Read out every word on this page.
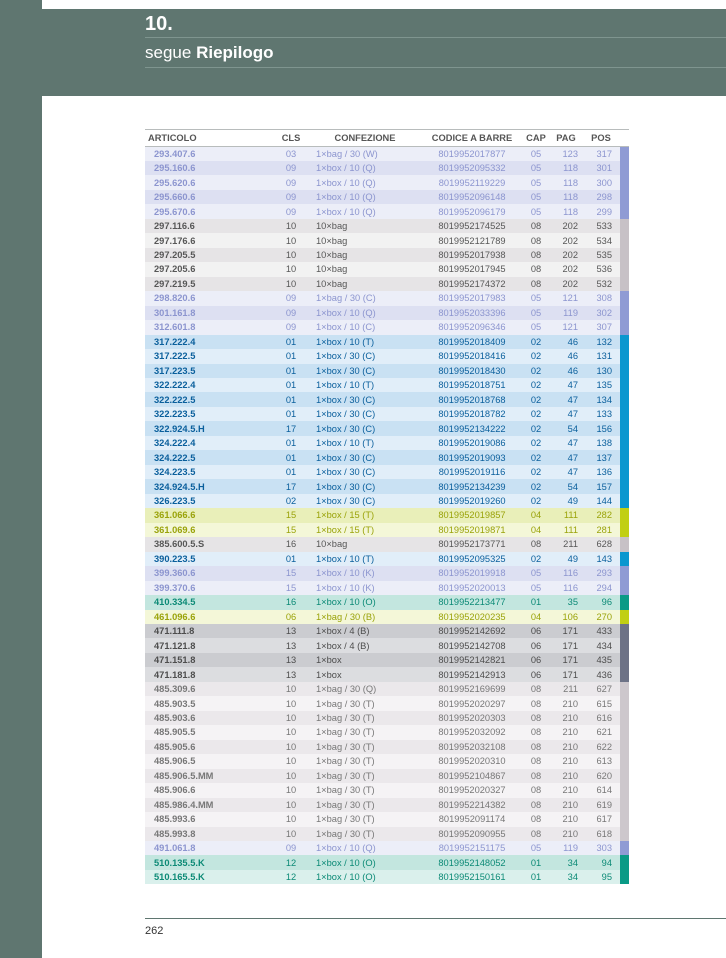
10.
segue Riepilogo
ARTICOLO	CLS	CONFEZIONE	CODICE A BARRE	CAP	PAG	POS	
293.407.6	03	1×bag / 30 (W)	8019952017877	05	123	317	
295.160.6	09	1×box / 10 (Q)	8019952095332	05	118	301	
295.620.6	09	1×box / 10 (Q)	8019952119229	05	118	300	
295.660.6	09	1×box / 10 (Q)	8019952096148	05	118	298	
295.670.6	09	1×box / 10 (Q)	8019952096179	05	118	299	
297.116.6	10	10×bag	8019952174525	08	202	533	
297.176.6	10	10×bag	8019952121789	08	202	534	
297.205.5	10	10×bag	8019952017938	08	202	535	
297.205.6	10	10×bag	8019952017945	08	202	536	
297.219.5	10	10×bag	8019952174372	08	202	532	
298.820.6	09	1×bag / 30 (C)	8019952017983	05	121	308	
301.161.8	09	1×box / 10 (Q)	8019952033396	05	119	302	
312.601.8	09	1×box / 10 (C)	8019952096346	05	121	307	
317.222.4	01	1×box / 10 (T)	8019952018409	02	46	132	
317.222.5	01	1×box / 30 (C)	8019952018416	02	46	131	
317.223.5	01	1×box / 30 (C)	8019952018430	02	46	130	
322.222.4	01	1×box / 10 (T)	8019952018751	02	47	135	
322.222.5	01	1×box / 30 (C)	8019952018768	02	47	134	
322.223.5	01	1×box / 30 (C)	8019952018782	02	47	133	
322.924.5.H	17	1×box / 30 (C)	8019952134222	02	54	156	
324.222.4	01	1×box / 10 (T)	8019952019086	02	47	138	
324.222.5	01	1×box / 30 (C)	8019952019093	02	47	137	
324.223.5	01	1×box / 30 (C)	8019952019116	02	47	136	
324.924.5.H	17	1×box / 30 (C)	8019952134239	02	54	157	
326.223.5	02	1×box / 30 (C)	8019952019260	02	49	144	
361.066.6	15	1×box / 15 (T)	8019952019857	04	111	282	
361.069.6	15	1×box / 15 (T)	8019952019871	04	111	281	
385.600.5.S	16	10×bag	8019952173771	08	211	628	
390.223.5	01	1×box / 10 (T)	8019952095325	02	49	143	
399.360.6	15	1×box / 10 (K)	8019952019918	05	116	293	
399.370.6	15	1×box / 10 (K)	8019952020013	05	116	294	
410.334.5	16	1×box / 10 (O)	8019952213477	01	35	96	
461.096.6	06	1×bag / 30 (B)	8019952020235	04	106	270	
471.111.8	13	1×box / 4 (B)	8019952142692	06	171	433	
471.121.8	13	1×box / 4 (B)	8019952142708	06	171	434	
471.151.8	13	1×box	8019952142821	06	171	435	
471.181.8	13	1×box	8019952142913	06	171	436	
485.309.6	10	1×bag / 30 (Q)	8019952169699	08	211	627	
485.903.5	10	1×bag / 30 (T)	8019952020297	08	210	615	
485.903.6	10	1×bag / 30 (T)	8019952020303	08	210	616	
485.905.5	10	1×bag / 30 (T)	8019952032092	08	210	621	
485.905.6	10	1×bag / 30 (T)	8019952032108	08	210	622	
485.906.5	10	1×bag / 30 (T)	8019952020310	08	210	613	
485.906.5.MM	10	1×bag / 30 (T)	8019952104867	08	210	620	
485.906.6	10	1×bag / 30 (T)	8019952020327	08	210	614	
485.986.4.MM	10	1×bag / 30 (T)	8019952214382	08	210	619	
485.993.6	10	1×bag / 30 (T)	8019952091174	08	210	617	
485.993.8	10	1×bag / 30 (T)	8019952090955	08	210	618	
491.061.8	09	1×box / 10 (Q)	8019952151175	05	119	303	
510.135.5.K	12	1×box / 10 (O)	8019952148052	01	34	94	
510.165.5.K	12	1×box / 10 (O)	8019952150161	01	34	95	
262
